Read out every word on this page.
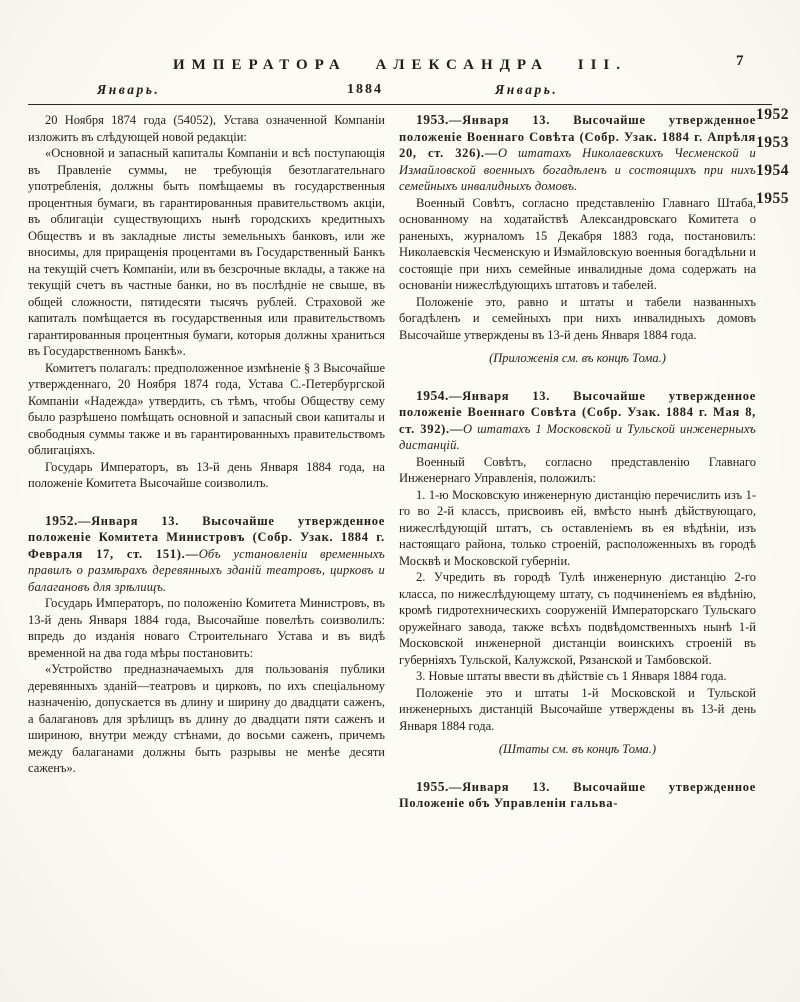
ИМПЕРАТОРА АЛЕКСАНДРА III.	7
Январь.	1884	Январь.

20 Ноября 1874 года (54052), Устава означенной Компаніи изложить въ слѣдующей новой редакціи:

«Основной и запасный капиталы Компаніи и всѣ поступающія въ Правленіе суммы, не требующія безотлагательнаго употребленія, должны быть помѣщаемы въ государственныя процентныя бумаги, въ гарантированныя правительствомъ акціи, въ облигаціи существующихъ нынѣ городскихъ кредитныхъ Обществъ и въ закладные листы земельныхъ банковъ, или же вносимы, для приращенія процентами въ Государственный Банкъ на текущій счетъ Компаніи, или въ безсрочные вклады, а также на текущій счетъ въ частные банки, но въ послѣдніе не свыше, въ общей сложности, пятидесяти тысячъ рублей. Страховой же капиталъ помѣщается въ государственныя или правительствомъ гарантированныя процентныя бумаги, которыя должны храниться въ Государственномъ Банкѣ».

Комитетъ полагалъ: предположенное измѣненіе § 3 Высочайше утвержденнаго, 20 Ноября 1874 года, Устава С.-Петербургской Компаніи «Надежда» утвердить, съ тѣмъ, чтобы Обществу сему было разрѣшено помѣщать основной и запасный свои капиталы и свободныя суммы также и въ гарантированныхъ правительствомъ облигаціяхъ.

Государь Императоръ, въ 13-й день Января 1884 года, на положеніе Комитета Высочайше соизволилъ.

1952.—Января 13. Высочайше утвержденное положеніе Комитета Министровъ (Собр. Узак. 1884 г. Февраля 17, ст. 151).—Объ установленіи временныхъ правилъ о размѣрахъ деревянныхъ зданій театровъ, цирковъ и балагановъ для зрѣлищъ.

Государь Императоръ, по положенію Комитета Министровъ, въ 13-й день Января 1884 года, Высочайше повелѣть соизволилъ: впредь до изданія новаго Строительнаго Устава и въ видѣ временной на два года мѣры постановить:

«Устройство предназначаемыхъ для пользованія публики деревянныхъ зданій—театровъ и цирковъ, по ихъ спеціальному назначенію, допускается въ длину и ширину до двадцати саженъ, а балагановъ для зрѣлищъ въ длину до двадцати пяти саженъ и шириною, внутри между стѣнами, до восьми саженъ, причемъ между балаганами должны быть разрывы не менѣе десяти саженъ».

1953.—Января 13. Высочайше утвержденное положеніе Военнаго Совѣта (Собр. Узак. 1884 г. Апрѣля 20, ст. 326).—О штатахъ Николаевскихъ Чесменской и Измайловской военныхъ богадѣленъ и состоящихъ при нихъ семейныхъ инвалидныхъ домовъ.

Военный Совѣтъ, согласно представленію Главнаго Штаба, основанному на ходатайствѣ Александровскаго Комитета о раненыхъ, журналомъ 15 Декабря 1883 года, постановилъ: Николаевскія Чесменскую и Измайловскую военныя богадѣльни и состоящіе при нихъ семейные инвалидные дома содержать на основаніи нижеслѣдующихъ штатовъ и табелей.

Положеніе это, равно и штаты и табели названныхъ богадѣленъ и семейныхъ при нихъ инвалидныхъ домовъ Высочайше утверждены въ 13-й день Января 1884 года.

(Приложенія см. въ концѣ Тома.)

1954.—Января 13. Высочайше утвержденное положеніе Военнаго Совѣта (Собр. Узак. 1884 г. Мая 8, ст. 392).—О штатахъ 1 Московской и Тульской инженерныхъ дистанцій.

Военный Совѣтъ, согласно представленію Главнаго Инженернаго Управленія, положилъ:

1. 1-ю Московскую инженерную дистанцію перечислить изъ 1-го во 2-й классъ, присвоивъ ей, вмѣсто нынѣ дѣйствующаго, нижеслѣдующій штатъ, съ оставленіемъ въ ея вѣдѣніи, изъ настоящаго района, только строеній, расположенныхъ въ городѣ Москвѣ и Московской губерніи.

2. Учредить въ городѣ Тулѣ инженерную дистанцію 2-го класса, по нижеслѣдующему штату, съ подчиненіемъ ея вѣдѣнію, кромѣ гидротехническихъ сооруженій Императорскаго Тульскаго оружейнаго завода, также всѣхъ подвѣдомственныхъ нынѣ 1-й Московской инженерной дистанціи воинскихъ строеній въ губерніяхъ Тульской, Калужской, Рязанской и Тамбовской.

3. Новые штаты ввести въ дѣйствіе съ 1 Января 1884 года.

Положеніе это и штаты 1-й Московской и Тульской инженерныхъ дистанцій Высочайше утверждены въ 13-й день Января 1884 года.

(Штаты см. въ концѣ Тома.)

1955.—Января 13. Высочайше утвержденное Положеніе объ Управленіи гальва-

1952
1953
1954
1955
